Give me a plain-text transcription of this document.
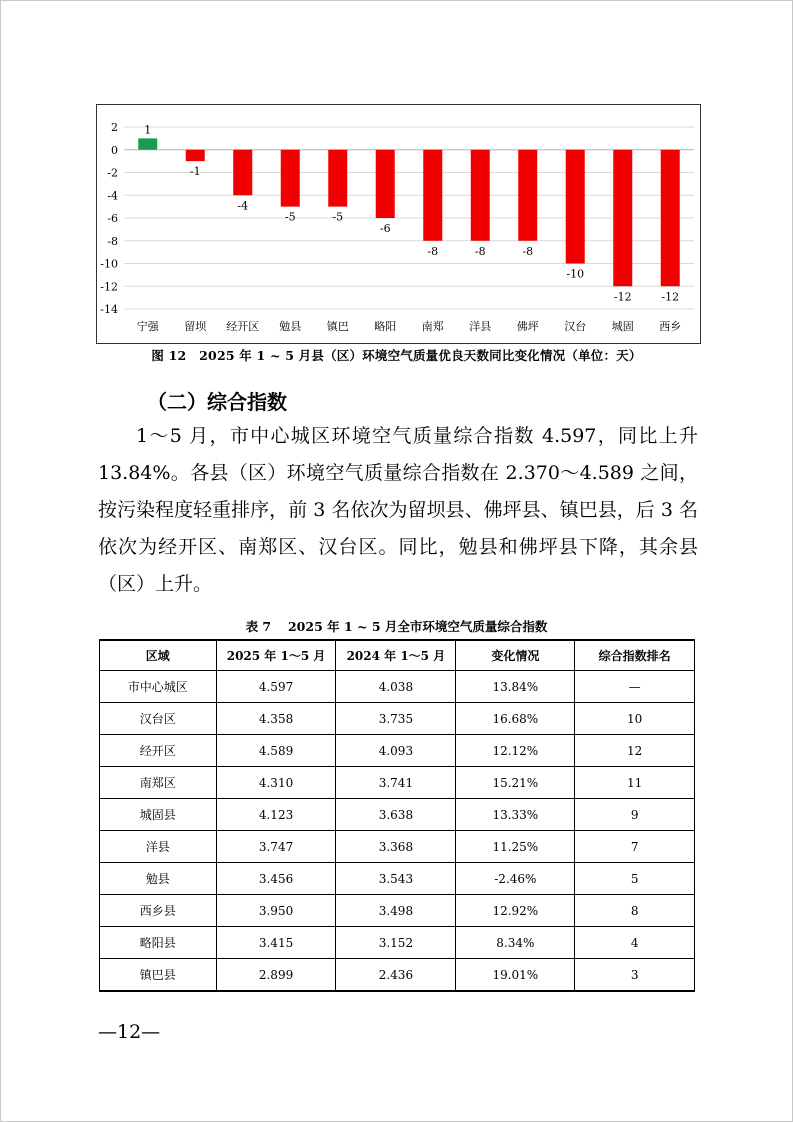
2
0
-2
-4
-6
-8
-10
-12
-14
1
宁强
-1
留坝
-4
经开区
-5
勉县
-5
镇巴
-6
略阳
-8
南郑
-8
洋县
-8
佛坪
-10
汉台
-12
城固
-12
西乡
图 12　2025 年 1 ~ 5 月县（区）环境空气质量优良天数同比变化情况（单位：天）
（二）综合指数
1～5 月，市中心城区环境空气质量综合指数 4.597，同比上升 13.84%。各县（区）环境空气质量综合指数在 2.370～4.589 之间，按污染程度轻重排序，前 3 名依次为留坝县、佛坪县、镇巴县，后 3 名依次为经开区、南郑区、汉台区。同比，勉县和佛坪县下降，其余县（区）上升。
表 7　 2025 年 1 ~ 5 月全市环境空气质量综合指数
区域	2025 年 1～5 月	2024 年 1～5 月	变化情况	综合指数排名
市中心城区	4.597	4.038	13.84%	—
汉台区	4.358	3.735	16.68%	10
经开区	4.589	4.093	12.12%	12
南郑区	4.310	3.741	15.21%	11
城固县	4.123	3.638	13.33%	9
洋县	3.747	3.368	11.25%	7
勉县	3.456	3.543	-2.46%	5
西乡县	3.950	3.498	12.92%	8
略阳县	3.415	3.152	8.34%	4
镇巴县	2.899	2.436	19.01%	3
—12—
